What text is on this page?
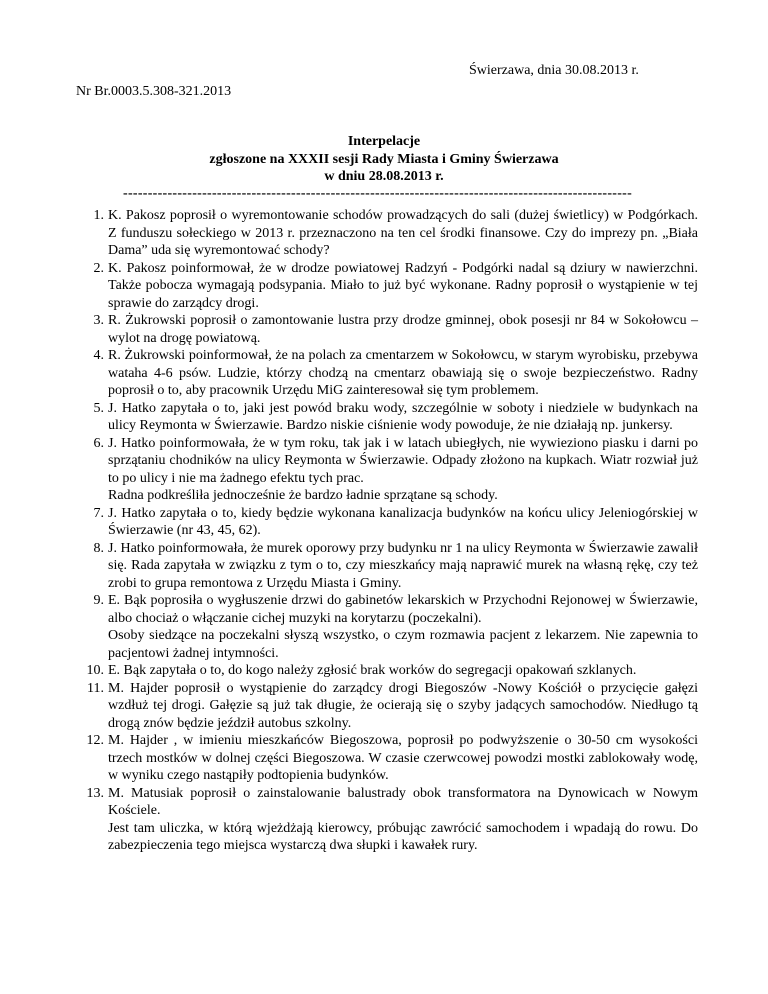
Świerzawa, dnia 30.08.2013 r.
Nr Br.0003.5.308-321.2013
Interpelacje
zgłoszone na XXXII sesji Rady Miasta i Gminy Świerzawa
w dniu 28.08.2013 r.
-------------------------------------------------------------------------------------------------------
1. K. Pakosz poprosił o wyremontowanie schodów prowadzących do sali (dużej świetlicy) w Podgórkach. Z funduszu sołeckiego w 2013 r. przeznaczono na ten cel środki finansowe. Czy do imprezy pn. „Biała Dama” uda się wyremontować schody?
2. K. Pakosz poinformował, że w drodze powiatowej Radzyń - Podgórki nadal są dziury w nawierzchni. Także pobocza wymagają podsypania. Miało to już być wykonane. Radny poprosił o wystąpienie w tej sprawie do zarządcy drogi.
3. R. Żukrowski poprosił o zamontowanie lustra przy drodze gminnej, obok posesji nr 84 w Sokołowcu – wylot na drogę powiatową.
4. R. Żukrowski poinformował, że na polach za cmentarzem w Sokołowcu, w starym wyrobisku, przebywa wataha 4-6 psów. Ludzie, którzy chodzą na cmentarz obawiają się o swoje bezpieczeństwo. Radny poprosił o to, aby pracownik Urzędu MiG zainteresował się tym problemem.
5. J. Hatko zapytała o to, jaki jest powód braku wody, szczególnie w soboty i niedziele w budynkach na ulicy Reymonta w Świerzawie. Bardzo niskie ciśnienie wody powoduje, że nie działają np. junkersy.
6. J. Hatko poinformowała, że w tym roku, tak jak i w latach ubiegłych, nie wywieziono piasku i darni po sprzątaniu chodników na ulicy Reymonta w Świerzawie. Odpady złożono na kupkach. Wiatr rozwiał już to po ulicy i nie ma żadnego efektu tych prac.
Radna podkreśliła jednocześnie że bardzo ładnie sprzątane są schody.
7. J. Hatko zapytała o to, kiedy będzie wykonana kanalizacja budynków na końcu ulicy Jeleniogórskiej w Świerzawie (nr 43, 45, 62).
8. J. Hatko poinformowała, że murek oporowy przy budynku nr 1 na ulicy Reymonta w Świerzawie zawalił się. Rada zapytała w związku z tym o to, czy mieszkańcy mają naprawić murek na własną rękę, czy też zrobi to grupa remontowa z Urzędu Miasta i Gminy.
9. E. Bąk poprosiła o wygłuszenie drzwi do gabinetów lekarskich w Przychodni Rejonowej w Świerzawie, albo chociaż o włączanie cichej muzyki na korytarzu (poczekalni).
Osoby siedzące na poczekalni słyszą wszystko, o czym rozmawia pacjent z lekarzem. Nie zapewnia to pacjentowi żadnej intymności.
10. E. Bąk zapytała o to, do kogo należy zgłosić brak worków do segregacji opakowań szklanych.
11. M. Hajder poprosił o wystąpienie do zarządcy drogi Biegoszów -Nowy Kościół o przycięcie gałęzi wzdłuż tej drogi. Gałęzie są już tak długie, że ocierają się o szyby jadących samochodów. Niedługo tą drogą znów będzie jeździł autobus szkolny.
12. M. Hajder , w imieniu mieszkańców Biegoszowa, poprosił po podwyższenie o 30-50 cm wysokości trzech mostków w dolnej części Biegoszowa. W czasie czerwcowej powodzi mostki zablokowały wodę, w wyniku czego nastąpiły podtopienia budynków.
13. M. Matusiak poprosił o zainstalowanie balustrady obok transformatora na Dynowicach w Nowym Kościele.
Jest tam uliczka, w którą wjeżdżają kierowcy, próbując zawrócić samochodem i wpadają do rowu. Do zabezpieczenia tego miejsca wystarczą dwa słupki i kawałek rury.
